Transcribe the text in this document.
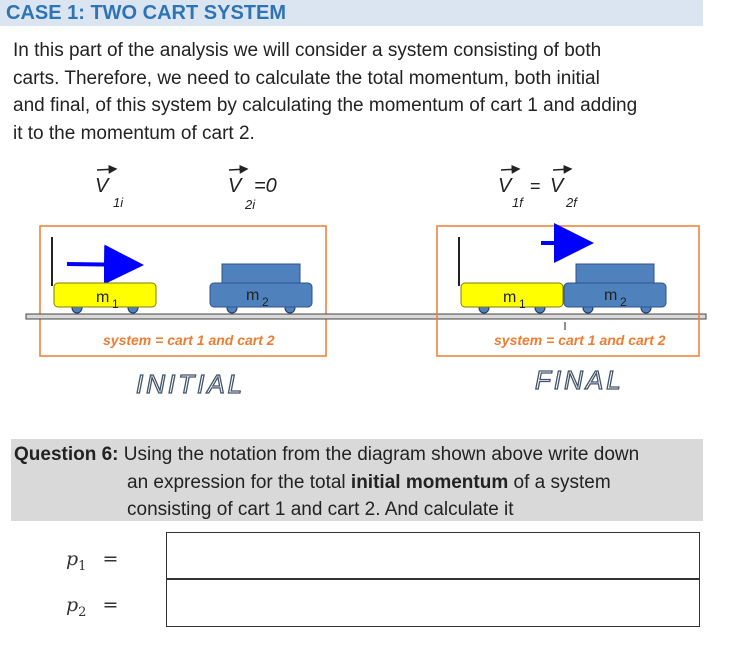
CASE 1: TWO CART SYSTEM
In this part of the analysis we will consider a system consisting of both
carts. Therefore, we need to calculate the total momentum, both initial
and final, of this system by calculating the momentum of cart 1 and adding
it to the momentum of cart 2.
V
1i
V =0
2i
m 1	m 2
system = cart 1 and cart 2
INITIAL
V = V
1f	2f
m 1	m 2
system = cart 1 and cart 2
FINAL
Question 6: Using the notation from the diagram shown above write down
an expression for the total initial momentum of a system
consisting of cart 1 and cart 2. And calculate it
$p_1$ =
$p_2$ =
